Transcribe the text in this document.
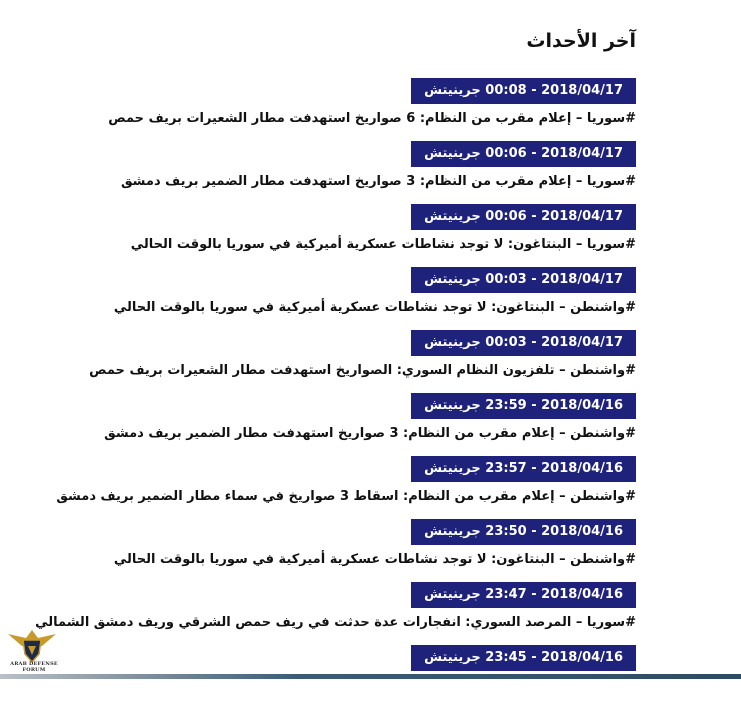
آخر الأحداث
2018/04/17 - 00:08 جرينيتش
#سوريا – إعلام مقرب من النظام: 6 صواريخ استهدفت مطار الشعيرات بريف حمص
2018/04/17 - 00:06 جرينيتش
#سوريا – إعلام مقرب من النظام: 3 صواريخ استهدفت مطار الضمير بريف دمشق
2018/04/17 - 00:06 جرينيتش
#سوريا – البنتاغون: لا توجد نشاطات عسكرية أميركية في سوريا بالوقت الحالي
2018/04/17 - 00:03 جرينيتش
#واشنطن – البنتاغون: لا توجد نشاطات عسكرية أميركية في سوريا بالوقت الحالي
2018/04/17 - 00:03 جرينيتش
#واشنطن – تلفزيون النظام السوري: الصواريخ استهدفت مطار الشعيرات بريف حمص
2018/04/16 - 23:59 جرينيتش
#واشنطن – إعلام مقرب من النظام: 3 صواريخ استهدفت مطار الضمير بريف دمشق
2018/04/16 - 23:57 جرينيتش
#واشنطن – إعلام مقرب من النظام: اسقاط 3 صواريخ في سماء مطار الضمير بريف دمشق
2018/04/16 - 23:50 جرينيتش
#واشنطن – البنتاغون: لا توجد نشاطات عسكرية أميركية في سوريا بالوقت الحالي
2018/04/16 - 23:47 جرينيتش
#سوريا – المرصد السوري: انفجارات عدة حدثت في ريف حمص الشرقي وريف دمشق الشمالي
2018/04/16 - 23:45 جرينيتش
ARAB DEFENSE FORUM
